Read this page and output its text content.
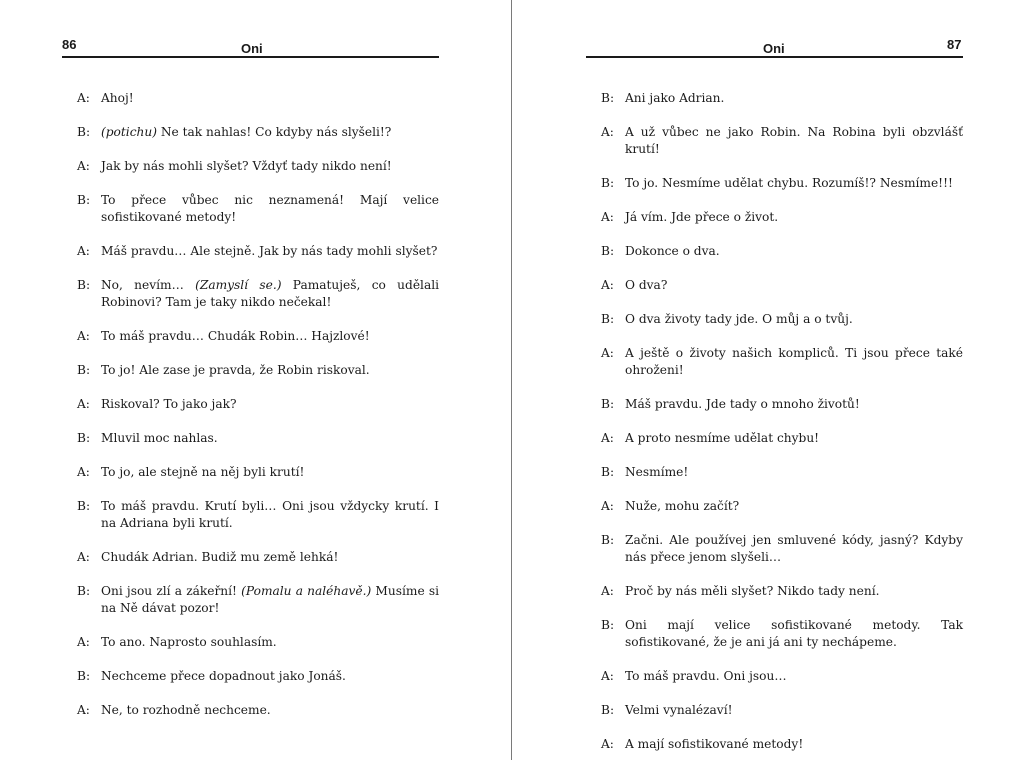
86	Oni
A: Ahoj!
B: (potichu) Ne tak nahlas! Co kdyby nás slyšeli!?
A: Jak by nás mohli slyšet? Vždyť tady nikdo není!
B: To přece vůbec nic neznamená! Mají velice sofistikované metody!
A: Máš pravdu… Ale stejně. Jak by nás tady mohli slyšet?
B: No, nevím… (Zamyslí se.) Pamatuješ, co udělali Robinovi? Tam je taky nikdo nečekal!
A: To máš pravdu… Chudák Robin… Hajzlové!
B: To jo! Ale zase je pravda, že Robin riskoval.
A: Riskoval? To jako jak?
B: Mluvil moc nahlas.
A: To jo, ale stejně na něj byli krutí!
B: To máš pravdu. Krutí byli… Oni jsou vždycky krutí. I na Adriana byli krutí.
A: Chudák Adrian. Budiž mu země lehká!
B: Oni jsou zlí a zákeřní! (Pomalu a naléhavě.) Musíme si na Ně dávat pozor!
A: To ano. Naprosto souhlasím.
B: Nechceme přece dopadnout jako Jonáš.
A: Ne, to rozhodně nechceme.
87
Oni
B: Ani jako Adrian.
A: A už vůbec ne jako Robin. Na Robina byli obzvlášť krutí!
B: To jo. Nesmíme udělat chybu. Rozumíš!? Nesmíme!!!
A: Já vím. Jde přece o život.
B: Dokonce o dva.
A: O dva?
B: O dva životy tady jde. O můj a o tvůj.
A: A ještě o životy našich kompliců. Ti jsou přece také ohroženi!
B: Máš pravdu. Jde tady o mnoho životů!
A: A proto nesmíme udělat chybu!
B: Nesmíme!
A: Nuže, mohu začít?
B: Začni. Ale používej jen smluvené kódy, jasný? Kdyby nás přece jenom slyšeli…
A: Proč by nás měli slyšet? Nikdo tady není.
B: Oni mají velice sofistikované metody. Tak sofistikované, že je ani já ani ty nechápeme.
A: To máš pravdu. Oni jsou…
B: Velmi vynalézaví!
A: A mají sofistikované metody!
